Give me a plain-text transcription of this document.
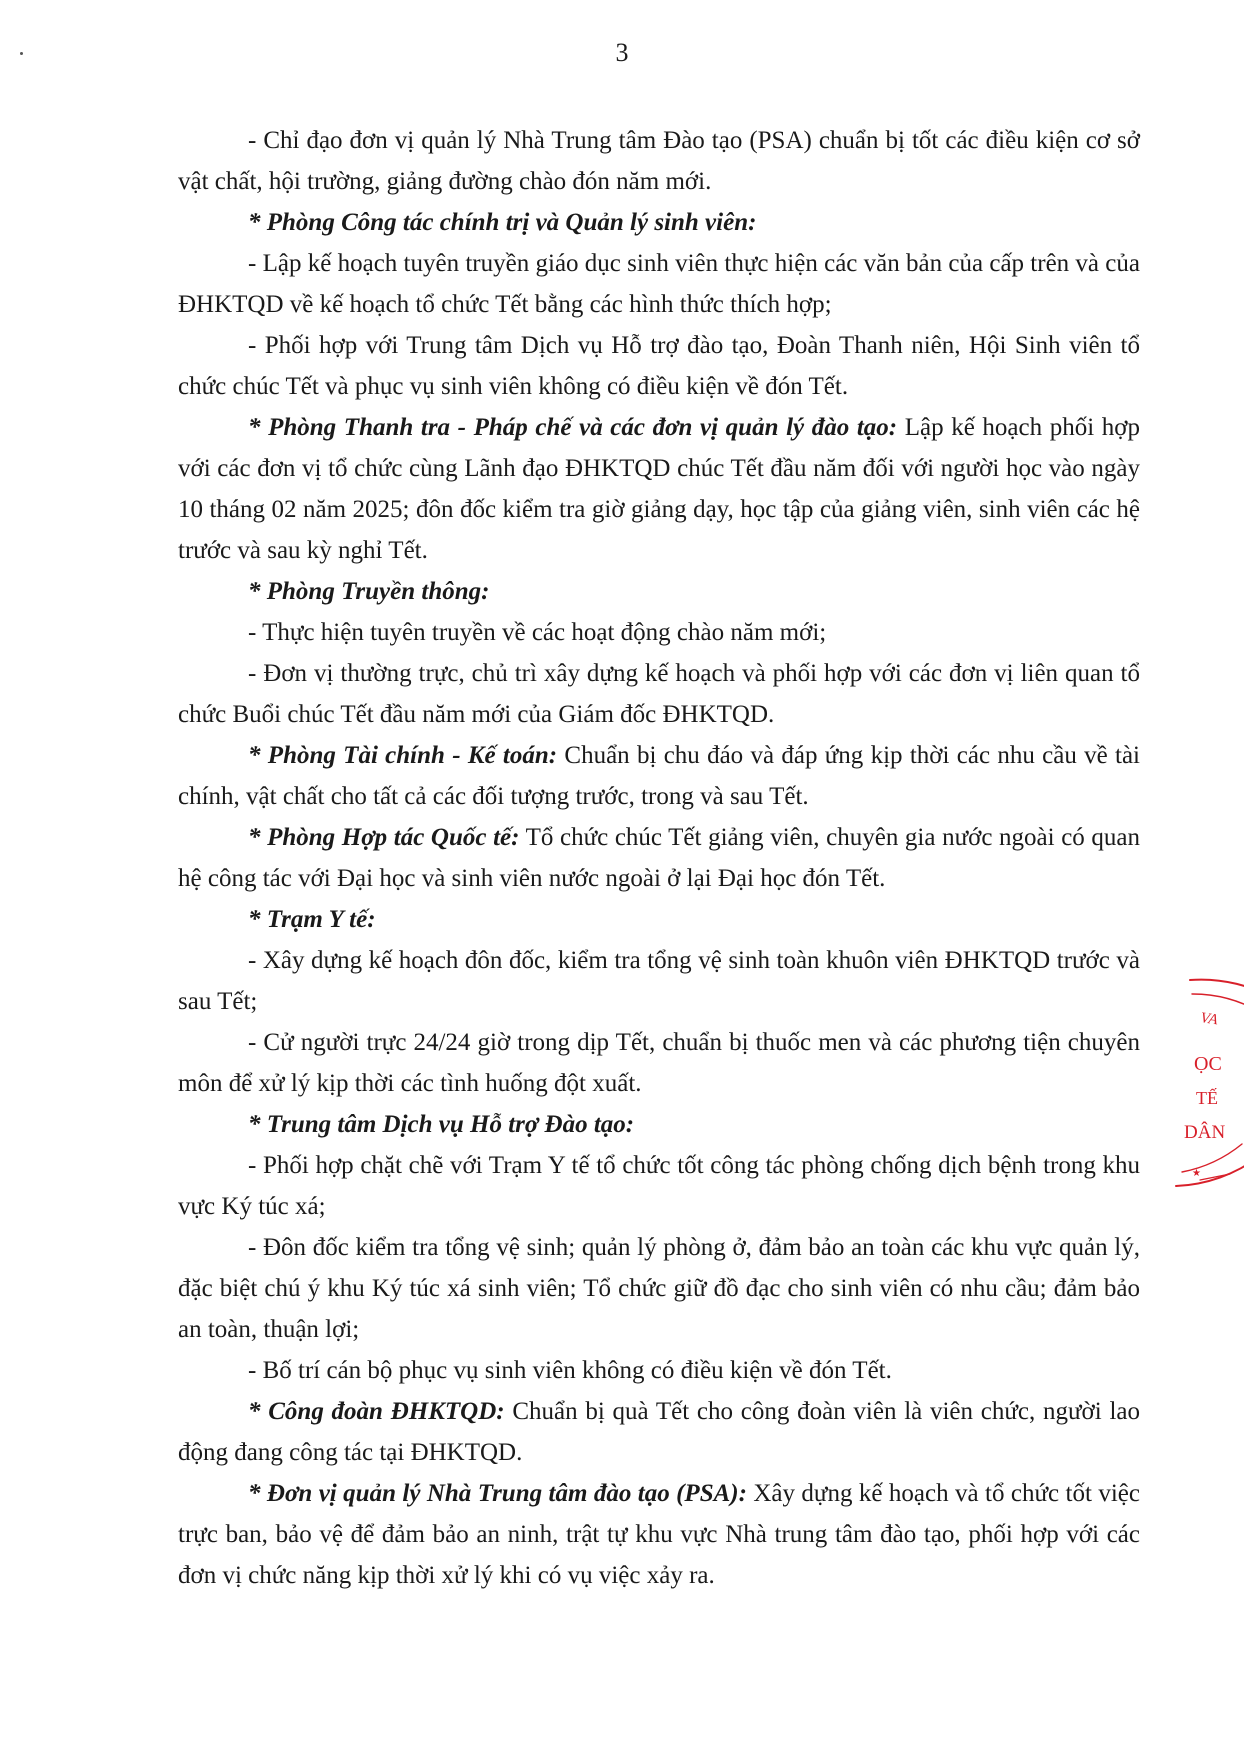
3

- Chỉ đạo đơn vị quản lý Nhà Trung tâm Đào tạo (PSA) chuẩn bị tốt các điều kiện cơ sở vật chất, hội trường, giảng đường chào đón năm mới.

* Phòng Công tác chính trị và Quản lý sinh viên:

- Lập kế hoạch tuyên truyền giáo dục sinh viên thực hiện các văn bản của cấp trên và của ĐHKTQD về kế hoạch tổ chức Tết bằng các hình thức thích hợp;

- Phối hợp với Trung tâm Dịch vụ Hỗ trợ đào tạo, Đoàn Thanh niên, Hội Sinh viên tổ chức chúc Tết và phục vụ sinh viên không có điều kiện về đón Tết.

* Phòng Thanh tra - Pháp chế và các đơn vị quản lý đào tạo: Lập kế hoạch phối hợp với các đơn vị tổ chức cùng Lãnh đạo ĐHKTQD chúc Tết đầu năm đối với người học vào ngày 10 tháng 02 năm 2025; đôn đốc kiểm tra giờ giảng dạy, học tập của giảng viên, sinh viên các hệ trước và sau kỳ nghỉ Tết.

* Phòng Truyền thông:

- Thực hiện tuyên truyền về các hoạt động chào năm mới;

- Đơn vị thường trực, chủ trì xây dựng kế hoạch và phối hợp với các đơn vị liên quan tổ chức Buổi chúc Tết đầu năm mới của Giám đốc ĐHKTQD.

* Phòng Tài chính - Kế toán: Chuẩn bị chu đáo và đáp ứng kịp thời các nhu cầu về tài chính, vật chất cho tất cả các đối tượng trước, trong và sau Tết.

* Phòng Hợp tác Quốc tế: Tổ chức chúc Tết giảng viên, chuyên gia nước ngoài có quan hệ công tác với Đại học và sinh viên nước ngoài ở lại Đại học đón Tết.

* Trạm Y tế:

- Xây dựng kế hoạch đôn đốc, kiểm tra tổng vệ sinh toàn khuôn viên ĐHKTQD trước và sau Tết;

- Cử người trực 24/24 giờ trong dịp Tết, chuẩn bị thuốc men và các phương tiện chuyên môn để xử lý kịp thời các tình huống đột xuất.

* Trung tâm Dịch vụ Hỗ trợ Đào tạo:

- Phối hợp chặt chẽ với Trạm Y tế tổ chức tốt công tác phòng chống dịch bệnh trong khu vực Ký túc xá;

- Đôn đốc kiểm tra tổng vệ sinh; quản lý phòng ở, đảm bảo an toàn các khu vực quản lý, đặc biệt chú ý khu Ký túc xá sinh viên; Tổ chức giữ đồ đạc cho sinh viên có nhu cầu; đảm bảo an toàn, thuận lợi;

- Bố trí cán bộ phục vụ sinh viên không có điều kiện về đón Tết.

* Công đoàn ĐHKTQD: Chuẩn bị quà Tết cho công đoàn viên là viên chức, người lao động đang công tác tại ĐHKTQD.

* Đơn vị quản lý Nhà Trung tâm đào tạo (PSA): Xây dựng kế hoạch và tổ chức tốt việc trực ban, bảo vệ để đảm bảo an ninh, trật tự khu vực Nhà trung tâm đào tạo, phối hợp với các đơn vị chức năng kịp thời xử lý khi có vụ việc xảy ra.

VA
ỌC
TẾ
DÂN
★
